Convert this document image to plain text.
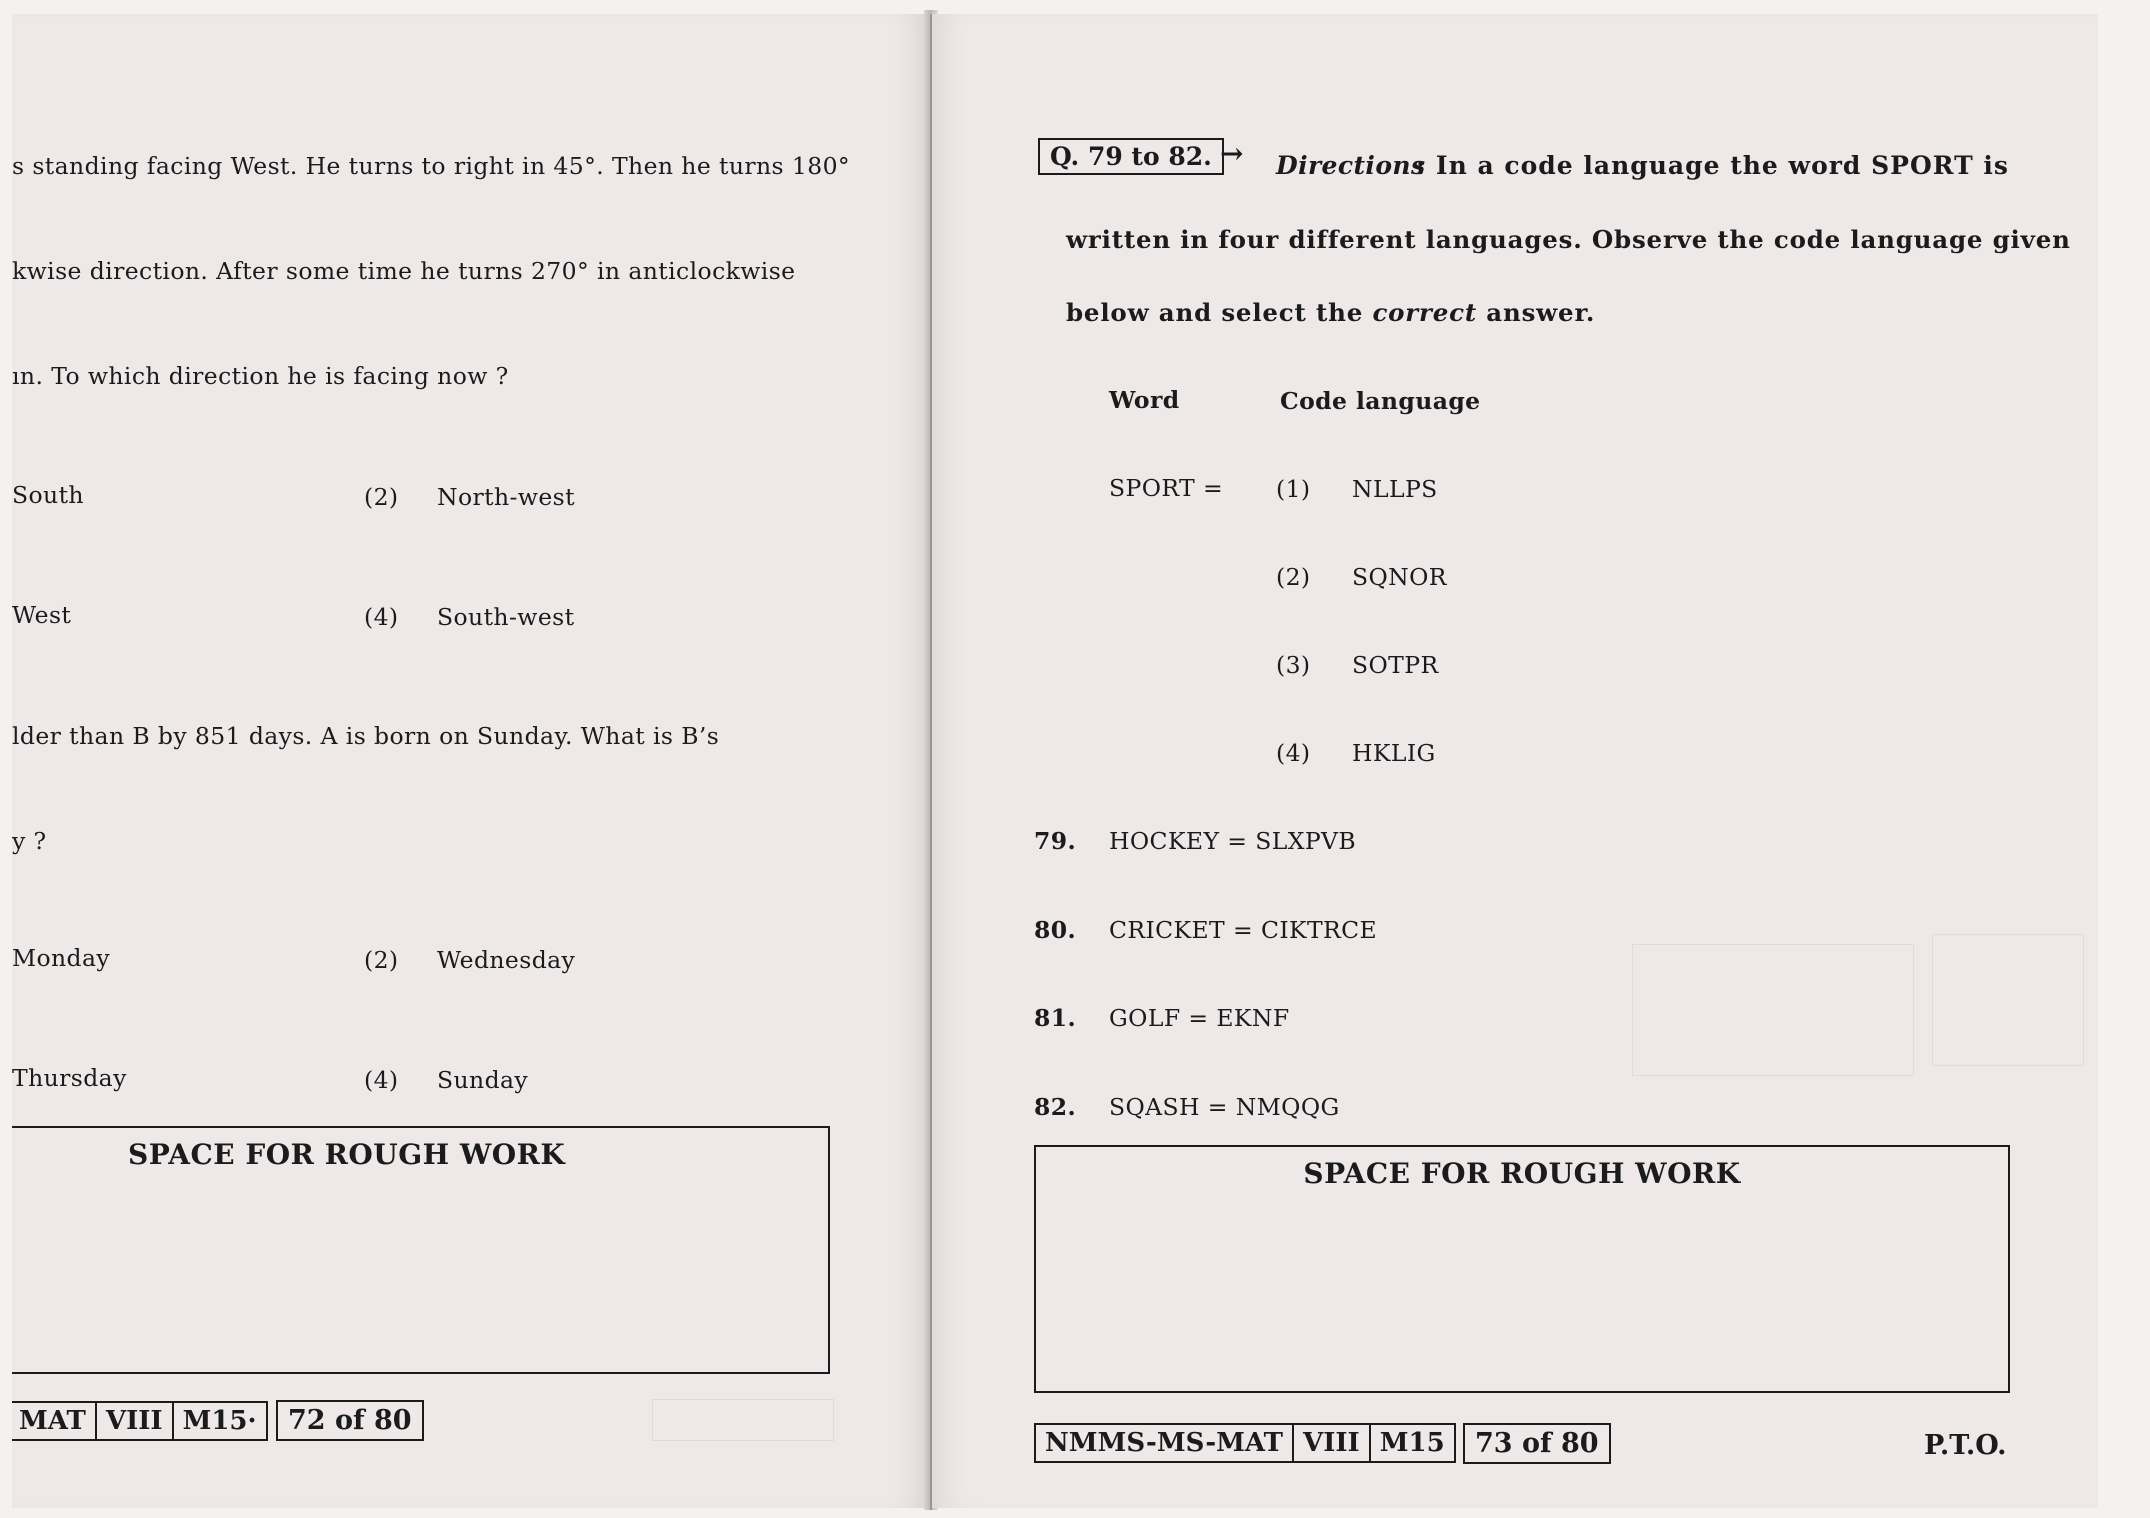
s standing facing West. He turns to right in 45°. Then he turns 180°
kwise direction. After some time he turns 270° in anticlockwise
ın. To which direction he is facing now ?
South	(2) North-west
West	(4) South-west
lder than B by 851 days. A is born on Sunday. What is B’s
y ?
Monday	(2) Wednesday
Thursday	(4) Sunday
SPACE FOR ROUGH WORK
MAT VIII M15·	72 of 80
Q. 79 to 82. → Directions
: In a code language the word SPORT is
written in four different languages. Observe the code language given
below and select the correct answer.
Word	Code language
SPORT = (1) NLLPS
(2) SQNOR
(3) SOTPR
(4) HKLIG
79. HOCKEY = SLXPVB
80. CRICKET = CIKTRCE
81. GOLF = EKNF
82. SQASH = NMQQG
SPACE FOR ROUGH WORK
NMMS-MS-MAT VIII M15	73 of 80	P.T.O.
